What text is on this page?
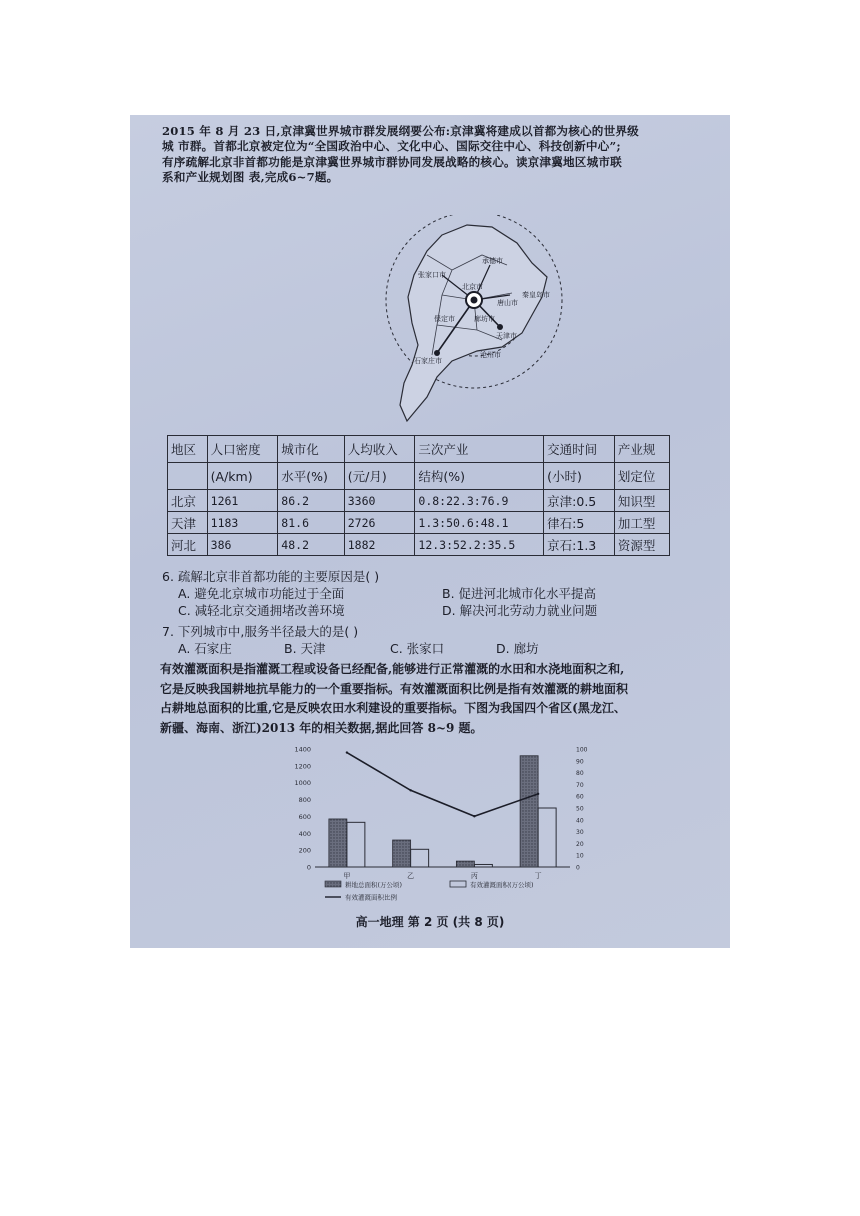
2015 年 8 月 23 日,京津冀世界城市群发展纲要公布:京津冀将建成以首都为核心的世界级
城 市群。首都北京被定位为“全国政治中心、文化中心、国际交往中心、科技创新中心”;
有序疏解北京非首都功能是京津冀世界城市群协同发展战略的核心。读京津冀地区城市联
系和产业规划图 表,完成6~7题。
张家口市
承德市
北京市
唐山市
秦皇岛市
保定市	廊坊市
天津市
沧州市
石家庄市
地区	人口密度	城市化	人均收入	三次产业	交通时间	产业规
	(A/km)	水平(%)	(元/月)	结构(%)	(小时)	划定位
北京	1261	86.2	3360	0.8:22.3:76.9	京津:0.5	知识型
天津	1183	81.6	2726	1.3:50.6:48.1	律石:5	加工型
河北	386	48.2	1882	12.3:52.2:35.5	京石:1.3	资源型
6. 疏解北京非首都功能的主要原因是( )
A. 避免北京城市功能过于全面	B. 促进河北城市化水平提高
C. 减轻北京交通拥堵改善环境	D. 解决河北劳动力就业问题
7. 下列城市中,服务半径最大的是( )
A. 石家庄	B. 天津	C. 张家口	D. 廊坊
有效灌溉面积是指灌溉工程或设备已经配备,能够进行正常灌溉的水田和水浇地面积之和,
它是反映我国耕地抗旱能力的一个重要指标。有效灌溉面积比例是指有效灌溉的耕地面积
占耕地总面积的比重,它是反映农田水利建设的重要指标。下图为我国四个省区(黑龙江、
新疆、海南、浙江)2013 年的相关数据,据此回答 8~9 题。
0
200
400
600
800
1000
1200
1400
0
10
20
30
40
50
60
70
80
90
100
甲	乙	丙	丁
耕地总面积(万公顷)	有效灌溉面积(万公顷)
有效灌溉面积比例
高一地理 第 2 页 (共 8 页)
